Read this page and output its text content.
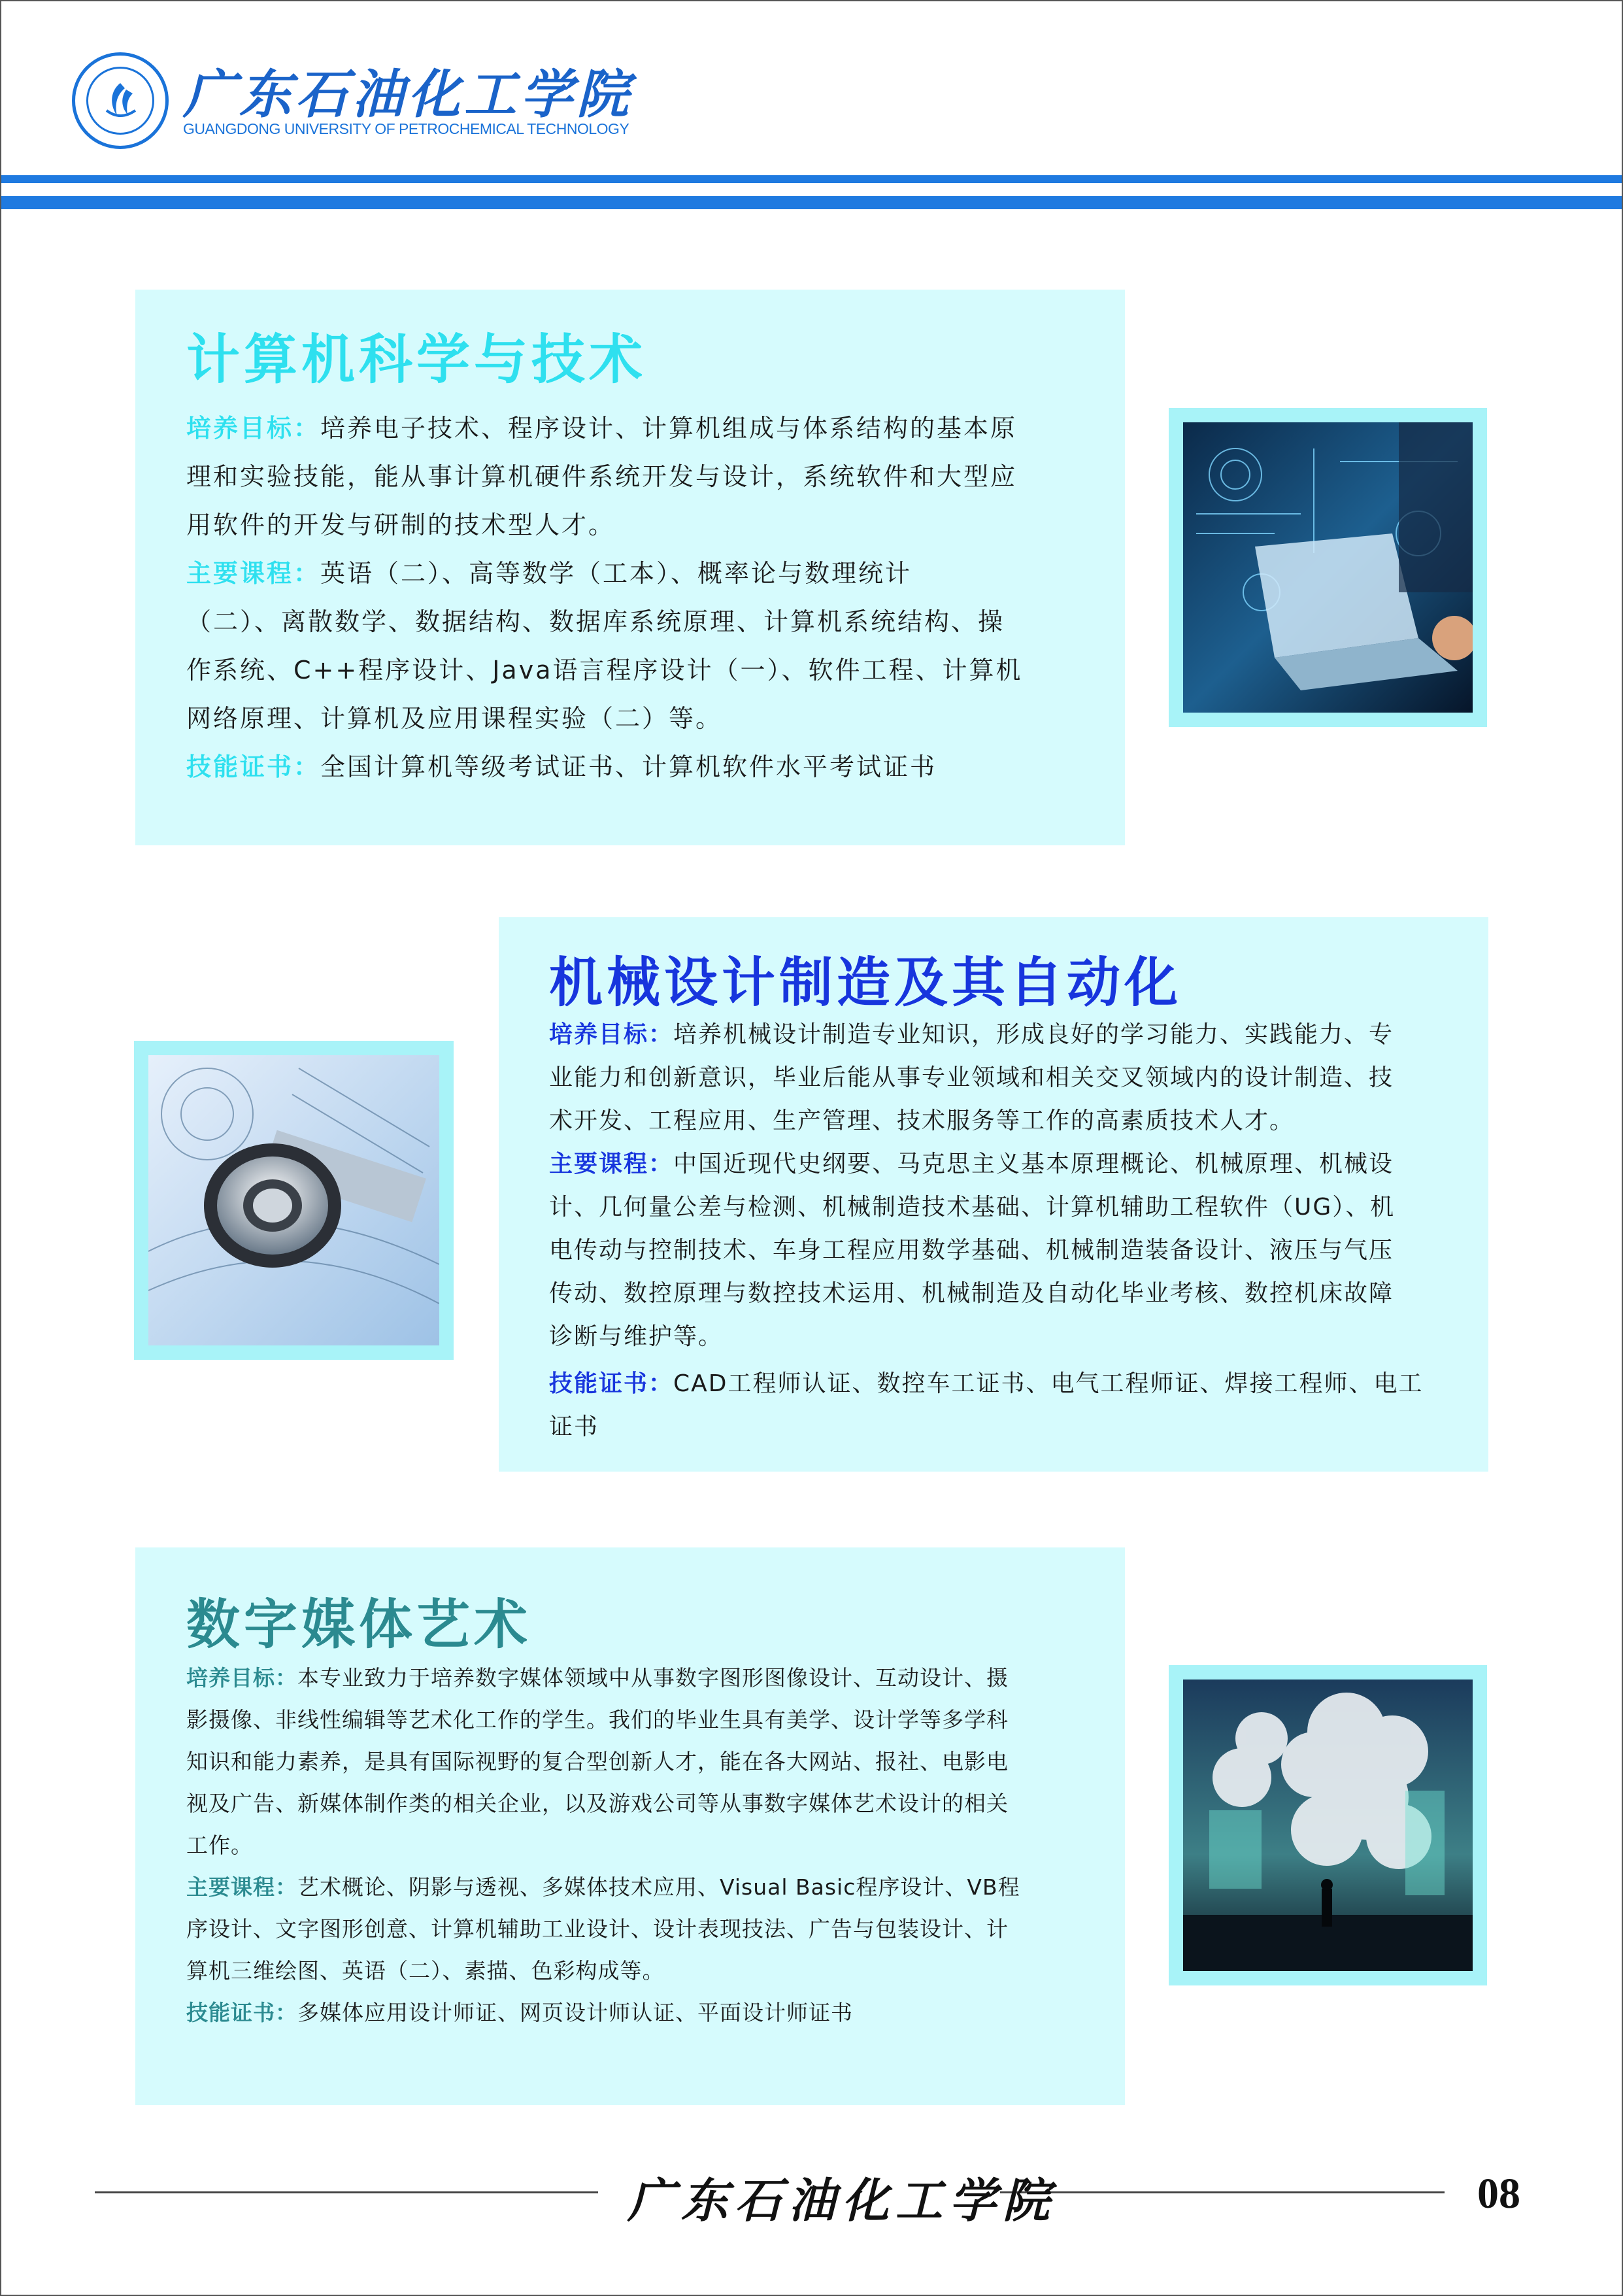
广东石油化工学院
GUANGDONG UNIVERSITY OF PETROCHEMICAL TECHNOLOGY
计算机科学与技术
培养目标：培养电子技术、程序设计、计算机组成与体系结构的基本原
理和实验技能，能从事计算机硬件系统开发与设计，系统软件和大型应
用软件的开发与研制的技术型人才。
主要课程：英语（二）、高等数学（工本）、概率论与数理统计
（二）、离散数学、数据结构、数据库系统原理、计算机系统结构、操
作系统、C++程序设计、Java语言程序设计（一）、软件工程、计算机
网络原理、计算机及应用课程实验（二）等。
技能证书：全国计算机等级考试证书、计算机软件水平考试证书
机械设计制造及其自动化
培养目标：培养机械设计制造专业知识，形成良好的学习能力、实践能力、专
业能力和创新意识，毕业后能从事专业领域和相关交叉领域内的设计制造、技
术开发、工程应用、生产管理、技术服务等工作的高素质技术人才。
主要课程：中国近现代史纲要、马克思主义基本原理概论、机械原理、机械设
计、几何量公差与检测、机械制造技术基础、计算机辅助工程软件（UG）、机
电传动与控制技术、车身工程应用数学基础、机械制造装备设计、液压与气压
传动、数控原理与数控技术运用、机械制造及自动化毕业考核、数控机床故障
诊断与维护等。
技能证书：CAD工程师认证、数控车工证书、电气工程师证、焊接工程师、电工
证书
数字媒体艺术
培养目标：本专业致力于培养数字媒体领域中从事数字图形图像设计、互动设计、摄
影摄像、非线性编辑等艺术化工作的学生。我们的毕业生具有美学、设计学等多学科
知识和能力素养，是具有国际视野的复合型创新人才，能在各大网站、报社、电影电
视及广告、新媒体制作类的相关企业，以及游戏公司等从事数字媒体艺术设计的相关
工作。
主要课程：艺术概论、阴影与透视、多媒体技术应用、Visual Basic程序设计、VB程
序设计、文字图形创意、计算机辅助工业设计、设计表现技法、广告与包装设计、计
算机三维绘图、英语（二）、素描、色彩构成等。
技能证书：多媒体应用设计师证、网页设计师认证、平面设计师证书
广东石油化工学院	08
